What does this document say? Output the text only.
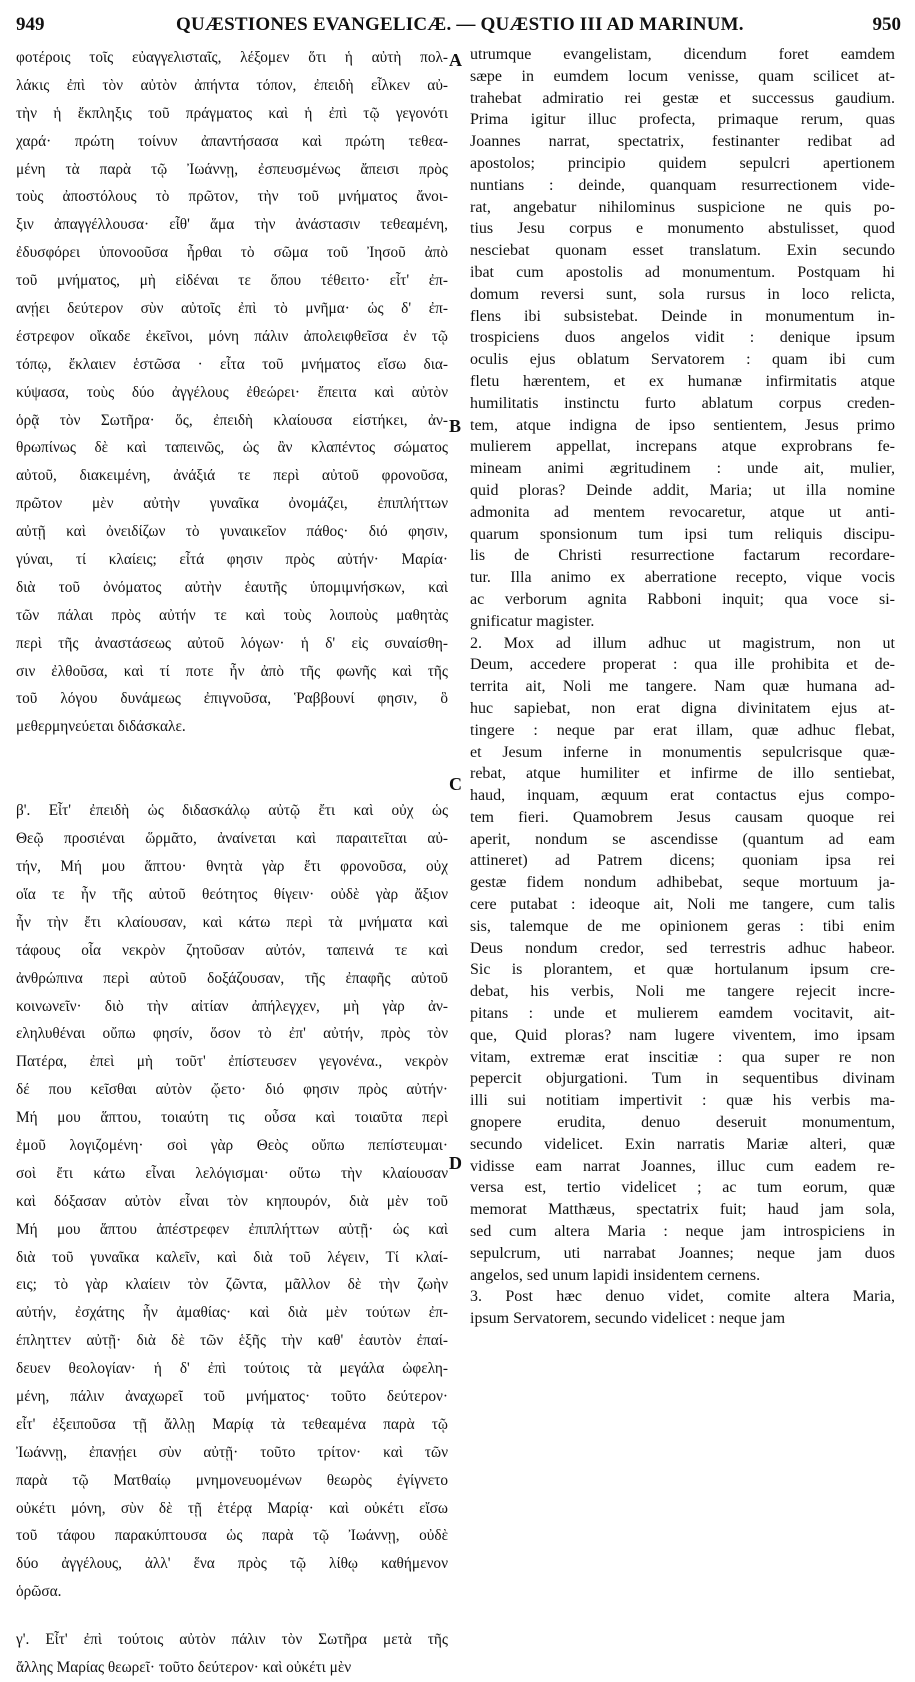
949	QUÆSTIONES EVANGELICÆ. — QUÆSTIO III AD MARINUM.	950
A
B
C
D
φοτέροις τοῖς εὐαγγελισταῖς, λέξομεν ὅτι ἡ αὐτὴ πολ-
λάκις ἐπὶ τὸν αὐτὸν ἀπήντα τόπον, ἐπειδὴ εἷλκεν αὐ-
τὴν ἡ ἔκπληξις τοῦ πράγματος καὶ ἡ ἐπὶ τῷ γεγονότι
χαρά· πρώτη τοίνυν ἀπαντήσασα καὶ πρώτη τεθεα-
μένη τὰ παρὰ τῷ Ἰωάννῃ, ἐσπευσμένως ἄπεισι πρὸς
τοὺς ἀποστόλους τὸ πρῶτον, τὴν τοῦ μνήματος ἄνοι-
ξιν ἀπαγγέλλουσα· εἶθ' ἅμα τὴν ἀνάστασιν τεθεαμένη,
ἐδυσφόρει ὑπονοοῦσα ἦρθαι τὸ σῶμα τοῦ Ἰησοῦ ἀπὸ
τοῦ μνήματος, μὴ εἰδέναι τε ὅπου τέθειτο· εἶτ' ἐπ-
ανῄει δεύτερον σὺν αὐτοῖς ἐπὶ τὸ μνῆμα· ὡς δ' ἐπ-
έστρεφον οἴκαδε ἐκεῖνοι, μόνη πάλιν ἀπολειφθεῖσα ἐν τῷ
τόπῳ, ἔκλαιεν ἑστῶσα · εἶτα τοῦ μνήματος εἴσω δια-
κύψασα, τοὺς δύο ἀγγέλους ἐθεώρει· ἔπειτα καὶ αὐτὸν
ὁρᾷ τὸν Σωτῆρα· ὅς, ἐπειδὴ κλαίουσα εἱστήκει, ἀν-
θρωπίνως δὲ καὶ ταπεινῶς, ὡς ἂν κλαπέντος σώματος
αὐτοῦ, διακειμένη, ἀνάξιά τε περὶ αὐτοῦ φρονοῦσα,
πρῶτον μὲν αὐτὴν γυναῖκα ὀνομάζει, ἐπιπλήττων
αὐτῇ καὶ ὀνειδίζων τὸ γυναικεῖον πάθος· διό φησιν,
γύναι, τί κλαίεις; εἶτά φησιν πρὸς αὐτήν· Μαρία·
διὰ τοῦ ὀνόματος αὐτὴν ἑαυτῆς ὑπομιμνήσκων, καὶ
τῶν πάλαι πρὸς αὐτήν τε καὶ τοὺς λοιποὺς μαθητὰς
περὶ τῆς ἀναστάσεως αὐτοῦ λόγων· ἡ δ' εἰς συναίσθη-
σιν ἐλθοῦσα, καὶ τί ποτε ἦν ἀπὸ τῆς φωνῆς καὶ τῆς
τοῦ λόγου δυνάμεως ἐπιγνοῦσα, Ῥαββουνί φησιν, ὃ
μεθερμηνεύεται διδάσκαλε.
β'. Εἶτ' ἐπειδὴ ὡς διδασκάλῳ αὐτῷ ἔτι καὶ οὐχ ὡς
Θεῷ προσιέναι ὥρμᾶτο, ἀναίνεται καὶ παραιτεῖται αὐ-
τήν, Μή μου ἅπτου· θνητὰ γὰρ ἔτι φρονοῦσα, οὐχ
οἵα τε ἦν τῆς αὐτοῦ θεότητος θίγειν· οὐδὲ γὰρ ἄξιον
ἦν τὴν ἔτι κλαίουσαν, καὶ κάτω περὶ τὰ μνήματα καὶ
τάφους οἷα νεκρὸν ζητοῦσαν αὐτόν, ταπεινά τε καὶ
ἀνθρώπινα περὶ αὐτοῦ δοξάζουσαν, τῆς ἐπαφῆς αὐτοῦ
κοινωνεῖν· διὸ τὴν αἰτίαν ἀπήλεγχεν, μὴ γὰρ ἀν-
εληλυθέναι οὔπω φησίν, ὅσον τὸ ἐπ' αὐτήν, πρὸς τὸν
Πατέρα, ἐπεὶ μὴ τοῦτ' ἐπίστευσεν γεγονένα., νεκρὸν
δέ που κεῖσθαι αὐτὸν ᾤετο· διό φησιν πρὸς αὐτήν·
Μή μου ἅπτου, τοιαύτη τις οὖσα καὶ τοιαῦτα περὶ
ἐμοῦ λογιζομένη· σοὶ γὰρ Θεὸς οὔπω πεπίστευμαι·
σοὶ ἔτι κάτω εἶναι λελόγισμαι· οὕτω τὴν κλαίουσαν
καὶ δόξασαν αὐτὸν εἶναι τὸν κηπουρόν, διὰ μὲν τοῦ
Μή μου ἅπτου ἀπέστρεφεν ἐπιπλήττων αὐτῇ· ὡς καὶ
διὰ τοῦ γυναῖκα καλεῖν, καὶ διὰ τοῦ λέγειν, Τί κλαί-
εις; τὸ γὰρ κλαίειν τὸν ζῶντα, μᾶλλον δὲ τὴν ζωὴν
αὐτήν, ἐσχάτης ἦν ἀμαθίας· καὶ διὰ μὲν τούτων ἐπ-
έπληττεν αὐτῇ· διὰ δὲ τῶν ἑξῆς τὴν καθ' ἑαυτὸν ἐπαί-
δευεν θεολογίαν· ἡ δ' ἐπὶ τούτοις τὰ μεγάλα ὠφελη-
μένη, πάλιν ἀναχωρεῖ τοῦ μνήματος· τοῦτο δεύτερον·
εἶτ' ἐξειποῦσα τῇ ἄλλῃ Μαρίᾳ τὰ τεθεαμένα παρὰ τῷ
Ἰωάννῃ, ἐπανῄει σὺν αὐτῇ· τοῦτο τρίτον· καὶ τῶν
παρὰ τῷ Ματθαίῳ μνημονευομένων θεωρὸς ἐγίγνετο
οὐκέτι μόνη, σὺν δὲ τῇ ἑτέρᾳ Μαρίᾳ· καὶ οὐκέτι εἴσω
τοῦ τάφου παρακύπτουσα ὡς παρὰ τῷ Ἰωάννῃ, οὐδὲ
δύο ἀγγέλους, ἀλλ' ἕνα πρὸς τῷ λίθῳ καθήμενον
ὁρῶσα.
γ'. Εἶτ' ἐπὶ τούτοις αὐτὸν πάλιν τὸν Σωτῆρα μετὰ τῆς
ἄλλης Μαρίας θεωρεῖ· τοῦτο δεύτερον· καὶ οὐκέτι μὲν
utrumque evangelistam, dicendum foret eamdem
sæpe in eumdem locum venisse, quam scilicet at-
trahebat admiratio rei gestæ et successus gaudium.
Prima igitur illuc profecta, primaque rerum, quas
Joannes narrat, spectatrix, festinanter redibat ad
apostolos; principio quidem sepulcri apertionem
nuntians : deinde, quanquam resurrectionem vide-
rat, angebatur nihilominus suspicione ne quis po-
tius Jesu corpus e monumento abstulisset, quod
nesciebat quonam esset translatum. Exin secundo
ibat cum apostolis ad monumentum. Postquam hi
domum reversi sunt, sola rursus in loco relicta,
flens ibi subsistebat. Deinde in monumentum in-
trospiciens duos angelos vidit : denique ipsum
oculis ejus oblatum Servatorem : quam ibi cum
fletu hærentem, et ex humanæ infirmitatis atque
humilitatis instinctu furto ablatum corpus creden-
tem, atque indigna de ipso sentientem, Jesus primo
mulierem appellat, increpans atque exprobrans fe-
mineam animi ægritudinem : unde ait, mulier,
quid ploras? Deinde addit, Maria; ut illa nomine
admonita ad mentem revocaretur, atque ut anti-
quarum sponsionum tum ipsi tum reliquis discipu-
lis de Christi resurrectione factarum recordare-
tur. Illa animo ex aberratione recepto, vique vocis
ac verborum agnita Rabboni inquit; qua voce si-
gnificatur magister.
2. Mox ad illum adhuc ut magistrum, non ut
Deum, accedere properat : qua ille prohibita et de-
territa ait, Noli me tangere. Nam quæ humana ad-
huc sapiebat, non erat digna divinitatem ejus at-
tingere : neque par erat illam, quæ adhuc flebat,
et Jesum inferne in monumentis sepulcrisque quæ-
rebat, atque humiliter et infirme de illo sentiebat,
haud, inquam, æquum erat contactus ejus compo-
tem fieri. Quamobrem Jesus causam quoque rei
aperit, nondum se ascendisse (quantum ad eam
attineret) ad Patrem dicens; quoniam ipsa rei
gestæ fidem nondum adhibebat, seque mortuum ja-
cere putabat : ideoque ait, Noli me tangere, cum talis
sis, talemque de me opinionem geras : tibi enim
Deus nondum credor, sed terrestris adhuc habeor.
Sic is plorantem, et quæ hortulanum ipsum cre-
debat, his verbis, Noli me tangere rejecit incre-
pitans : unde et mulierem eamdem vocitavit, ait-
que, Quid ploras? nam lugere viventem, imo ipsam
vitam, extremæ erat inscitiæ : qua super re non
pepercit objurgationi. Tum in sequentibus divinam
illi sui notitiam impertivit : quæ his verbis ma-
gnopere erudita, denuo deseruit monumentum,
secundo videlicet. Exin narratis Mariæ alteri, quæ
vidisse eam narrat Joannes, illuc cum eadem re-
versa est, tertio videlicet ; ac tum eorum, quæ
memorat Matthæus, spectatrix fuit; haud jam sola,
sed cum altera Maria : neque jam introspiciens in
sepulcrum, uti narrabat Joannes; neque jam duos
angelos, sed unum lapidi insidentem cernens.
3. Post hæc denuo videt, comite altera Maria,
ipsum Servatorem, secundo videlicet : neque jam
